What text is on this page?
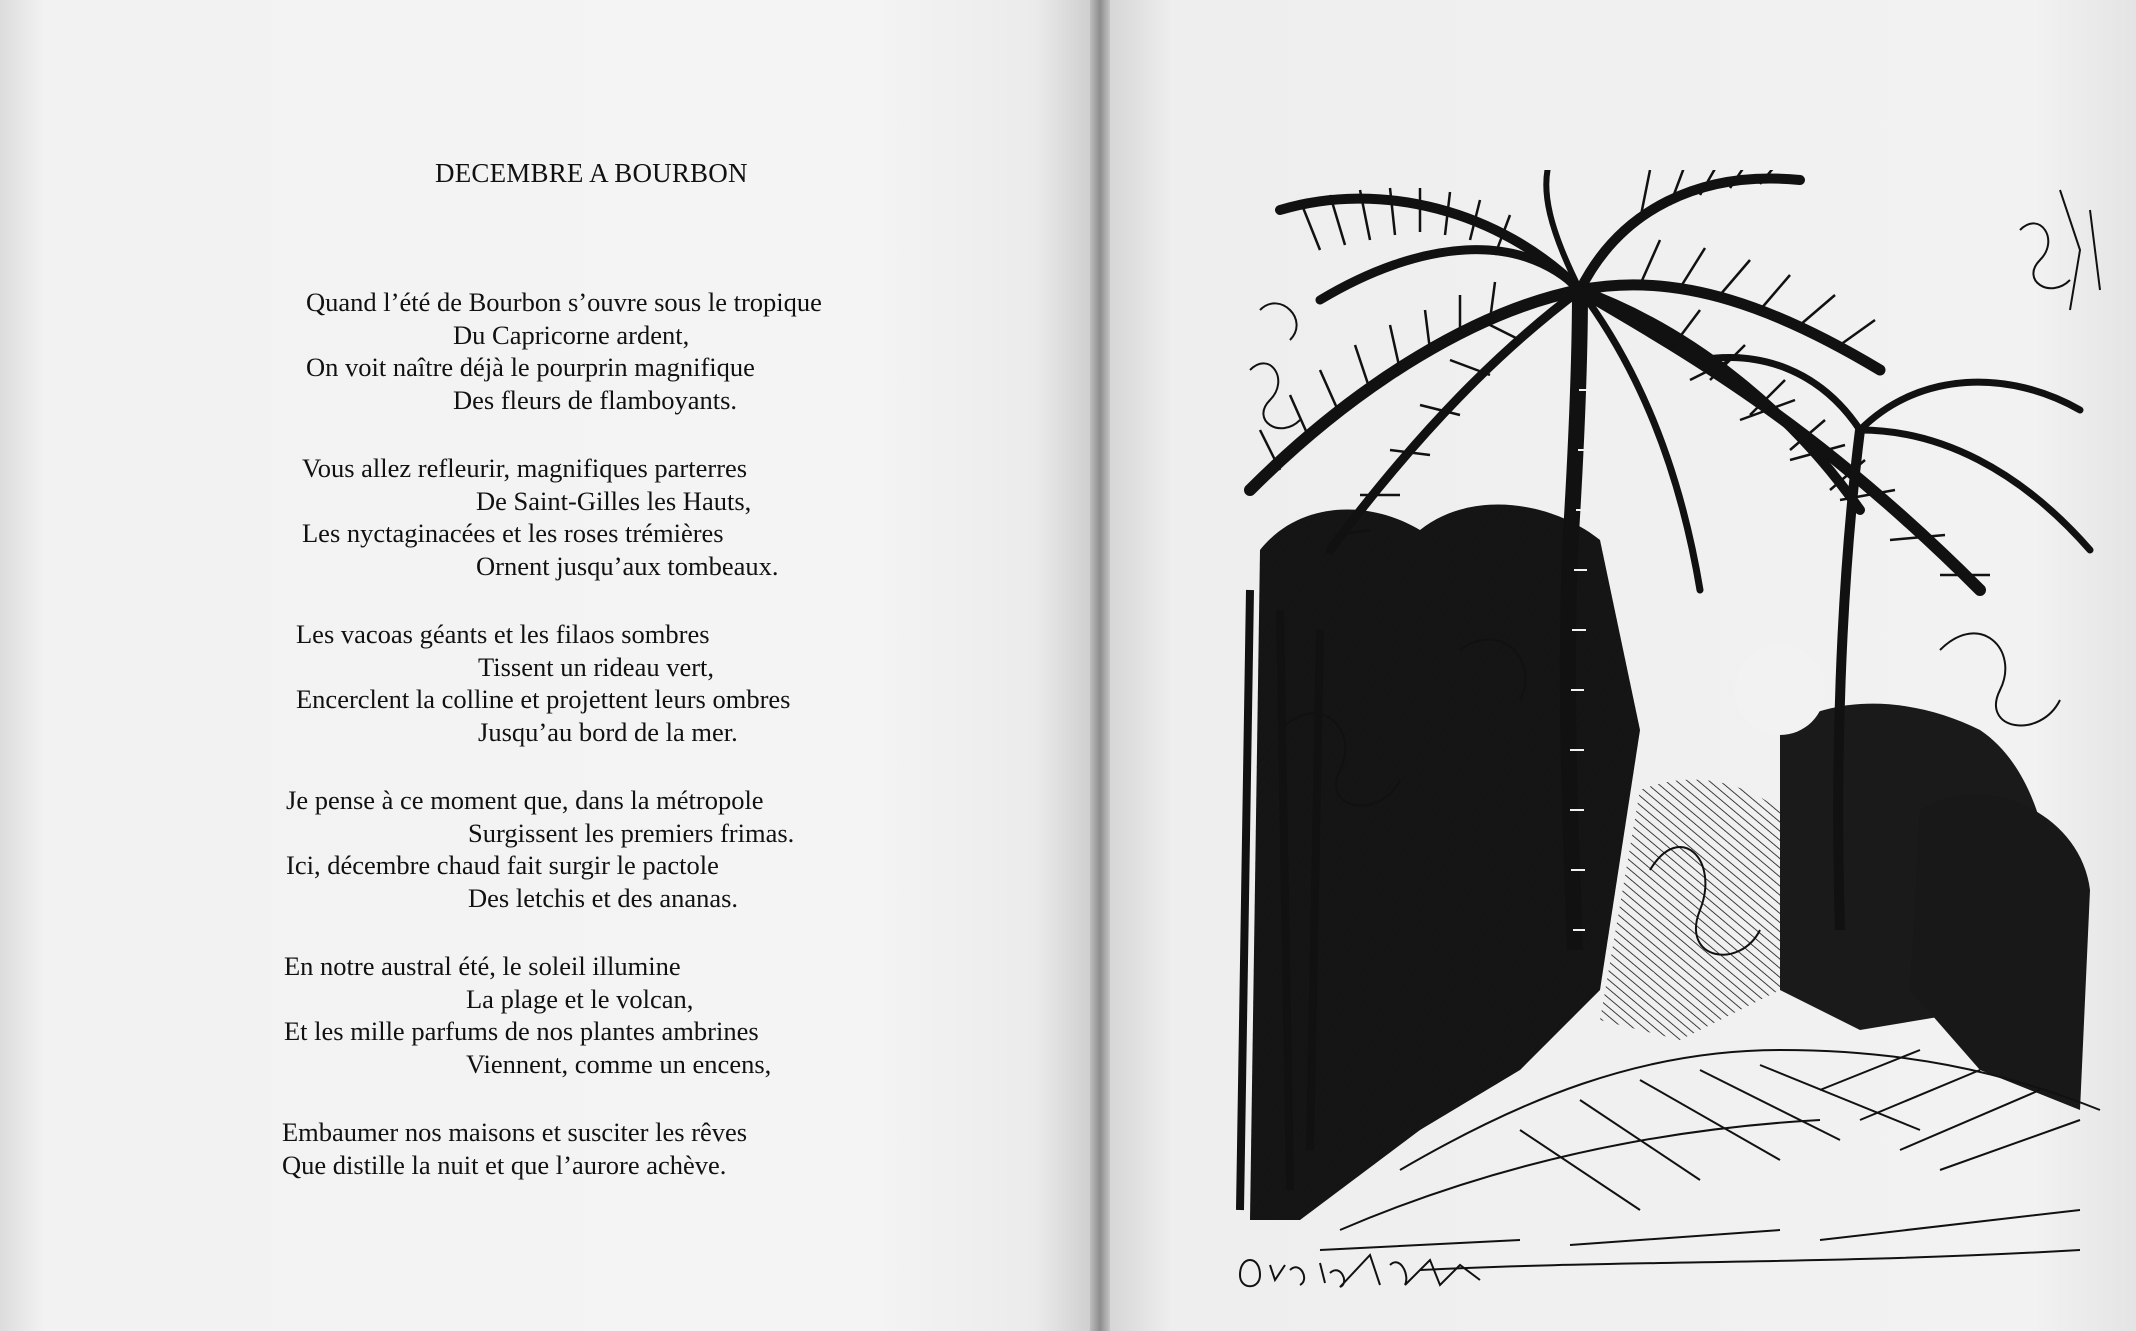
DECEMBRE A BOURBON
Quand l’été de Bourbon s’ouvre sous le tropique
Du Capricorne ardent,
On voit naître déjà le pourprin magnifique
Des fleurs de flamboyants.
Vous allez refleurir, magnifiques parterres
De Saint-Gilles les Hauts,
Les nyctaginacées et les roses trémières
Ornent jusqu’aux tombeaux.
Les vacoas géants et les filaos sombres
Tissent un rideau vert,
Encerclent la colline et projettent leurs ombres
Jusqu’au bord de la mer.
Je pense à ce moment que, dans la métropole
Surgissent les premiers frimas.
Ici, décembre chaud fait surgir le pactole
Des letchis et des ananas.
En notre austral été, le soleil illumine
La plage et le volcan,
Et les mille parfums de nos plantes ambrines
Viennent, comme un encens,
Embaumer nos maisons et susciter les rêves
Que distille la nuit et que l’aurore achève.
